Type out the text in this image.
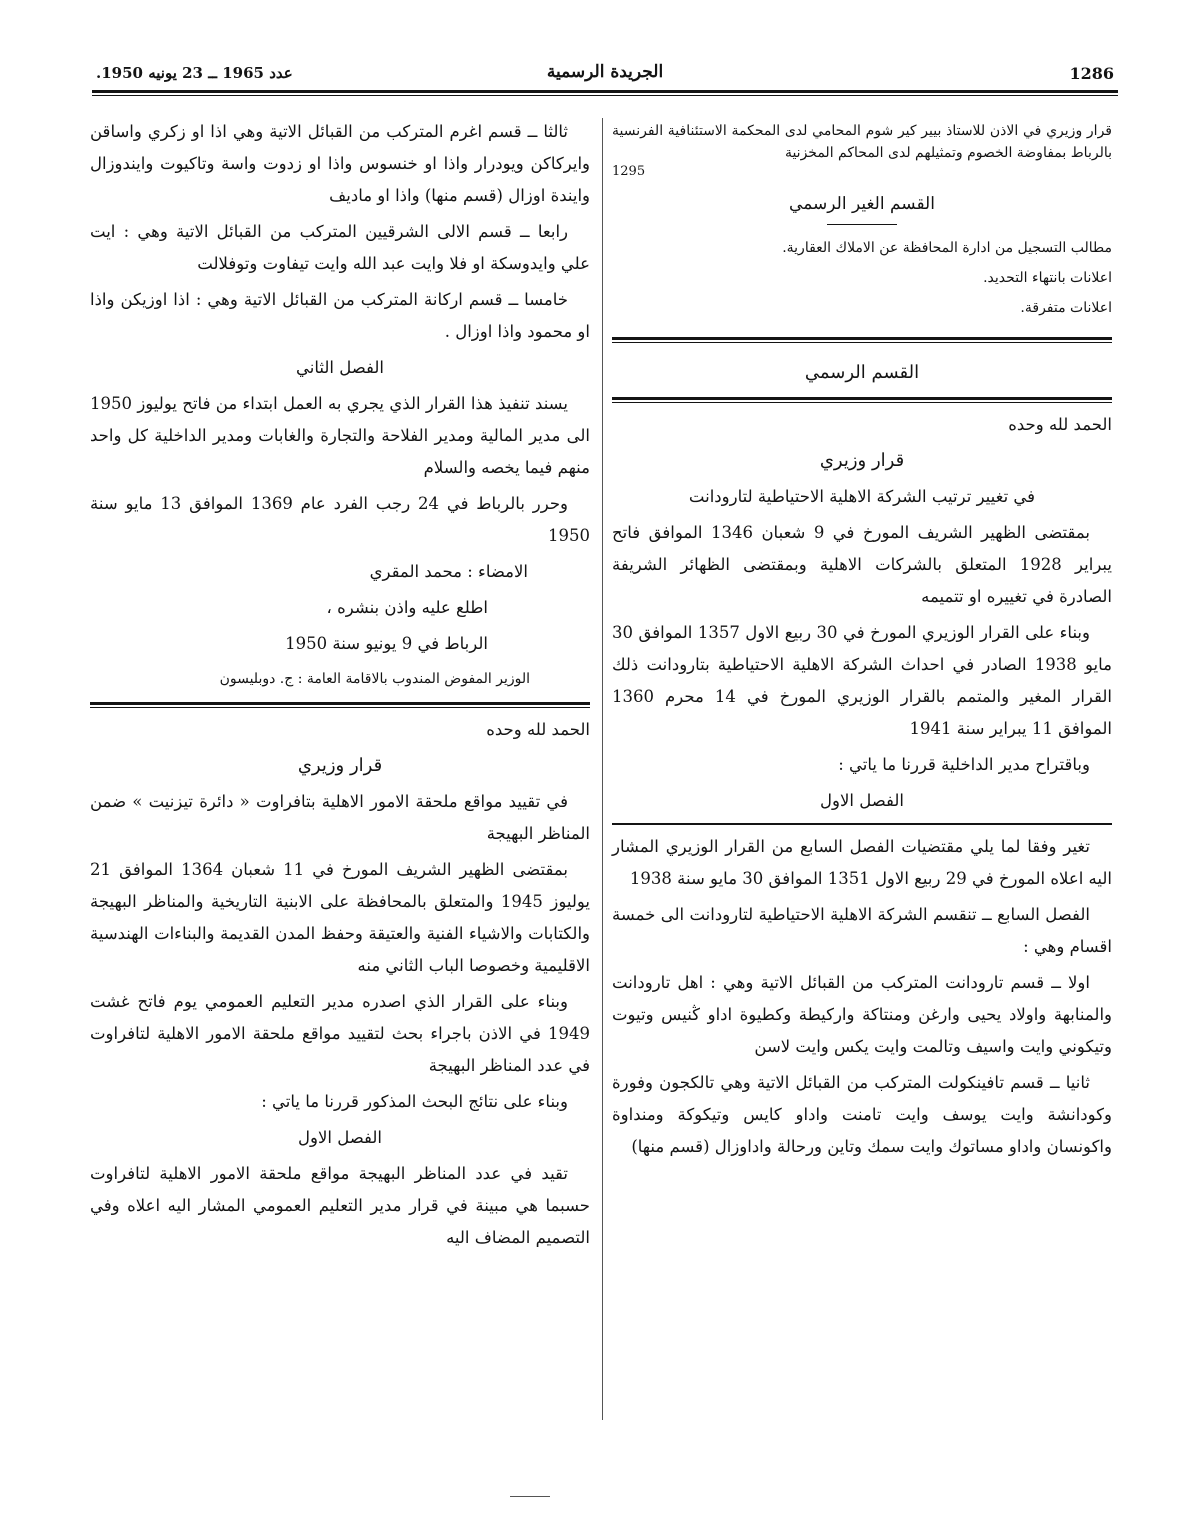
1286
الجريدة الرسمية
عدد 1965 ــ 23 يونيه 1950.

قرار وزيري في الاذن للاستاذ بيير كير شوم المحامي لدى المحكمة الاستئنافية الفرنسية بالرباط بمفاوضة الخصوم وتمثيلهم لدى المحاكم المخزنية

1295

القسم الغير الرسمي

مطالب التسجيل من ادارة المحافظة عن الاملاك العقارية.

اعلانات بانتهاء التحديد.

اعلانات متفرقة.

القسم الرسمي

الحمد لله وحده

قرار وزيري

في تغيير ترتيب الشركة الاهلية الاحتياطية لتارودانت

بمقتضى الظهير الشريف المورخ في 9 شعبان 1346 الموافق فاتح يبراير 1928 المتعلق بالشركات الاهلية وبمقتضى الظهائر الشريفة الصادرة في تغييره او تتميمه

وبناء على القرار الوزيري المورخ في 30 ربيع الاول 1357 الموافق 30 مايو 1938 الصادر في احداث الشركة الاهلية الاحتياطية بتارودانت ذلك القرار المغير والمتمم بالقرار الوزيري المورخ في 14 محرم 1360 الموافق 11 يبراير سنة 1941

وباقتراح مدير الداخلية قررنا ما ياتي :

الفصل الاول

تغير وفقا لما يلي مقتضيات الفصل السابع من القرار الوزيري المشار اليه اعلاه المورخ في 29 ربيع الاول 1351 الموافق 30 مايو سنة 1938

الفصل السابع ــ تنقسم الشركة الاهلية الاحتياطية لتارودانت الى خمسة اقسام وهي :

اولا ــ قسم تارودانت المتركب من القبائل الاتية وهي : اهل تارودانت والمنابهة واولاد يحيى وارغن ومنتاكة واركيطة وكطيوة اداو ڭنيس وتيوت وتيكوني وايت واسيف وتالمت وايت يكس وايت لاسن

ثانيا ــ قسم تافينكولت المتركب من القبائل الاتية وهي تالكجون وفورة وكودانشة وايت يوسف وايت تامنت واداو كايس وتيكوكة ومنداوة واكونسان واداو مساتوك وايت سمك وتاين ورحالة واداوزال (قسم منها)

ثالثا ــ قسم اغرم المتركب من القبائل الاتية وهي اذا او زكري واساقن وايركاكن ويودرار واذا او خنسوس واذا او زدوت واسة وتاكيوت وايندوزال وايندة اوزال (قسم منها) واذا او ماديف

رابعا ــ قسم الالى الشرقيين المتركب من القبائل الاتية وهي : ايت علي وايدوسكة او فلا وايت عبد الله وايت تيفاوت وتوفلالت

خامسا ــ قسم اركانة المتركب من القبائل الاتية وهي : اذا اوزيكن واذا او محمود واذا اوزال .

الفصل الثاني

يسند تنفيذ هذا القرار الذي يجري به العمل ابتداء من فاتح يوليوز 1950 الى مدير المالية ومدير الفلاحة والتجارة والغابات ومدير الداخلية كل واحد منهم فيما يخصه والسلام

وحرر بالرباط في 24 رجب الفرد عام 1369 الموافق 13 مايو سنة 1950

الامضاء : محمد المقري

اطلع عليه واذن بنشره ،

الرباط في 9 يونيو سنة 1950

الوزير المفوض المندوب بالاقامة العامة : ج. دوبليسون

الحمد لله وحده

قرار وزيري

في تقييد مواقع ملحقة الامور الاهلية بتافراوت « دائرة تيزنيت » ضمن المناظر البهيجة

بمقتضى الظهير الشريف المورخ في 11 شعبان 1364 الموافق 21 يوليوز 1945 والمتعلق بالمحافظة على الابنية التاريخية والمناظر البهيجة والكتابات والاشياء الفنية والعتيقة وحفظ المدن القديمة والبناءات الهندسية الاقليمية وخصوصا الباب الثاني منه

وبناء على القرار الذي اصدره مدير التعليم العمومي يوم فاتح غشت 1949 في الاذن باجراء بحث لتقييد مواقع ملحقة الامور الاهلية لتافراوت في عدد المناظر البهيجة

وبناء على نتائج البحث المذكور قررنا ما ياتي :

الفصل الاول

تقيد في عدد المناظر البهيجة مواقع ملحقة الامور الاهلية لتافراوت حسبما هي مبينة في قرار مدير التعليم العمومي المشار اليه اعلاه وفي التصميم المضاف اليه
